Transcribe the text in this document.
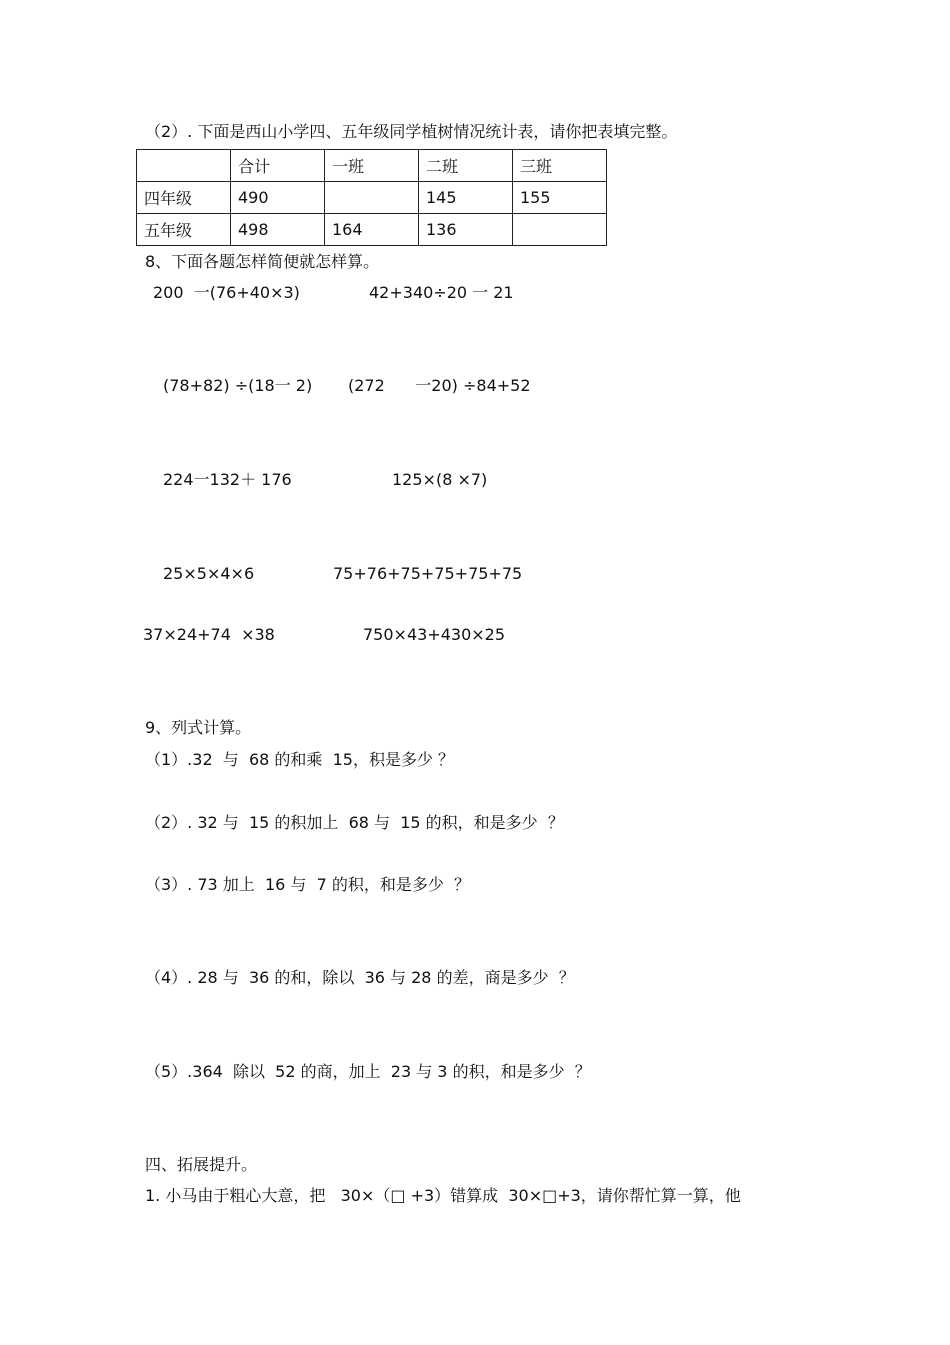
（2）. 下面是西山小学四、五年级同学植树情况统计表，请你把表填完整。
	合计	一班	二班	三班
四年级	490		145	155
五年级	498	164	136	
8、下面各题怎样简便就怎样算。
200  一(76+40×3)	42+340÷20 一 21
(78+82) ÷(18一 2) (272      一20) ÷84+52
224一132＋ 176	125×(8 ×7)
25×5×4×6	75+76+75+75+75+75
37×24+74  ×38	750×43+430×25
9、列式计算。
（1）.32  与  68 的和乘  15，积是多少 ？
（2）. 32 与  15 的积加上  68 与  15 的积，和是多少  ？
（3）. 73 加上  16 与  7 的积，和是多少  ？
（4）. 28 与  36 的和，除以  36 与 28 的差，商是多少  ？
（5）.364  除以  52 的商，加上  23 与 3 的积，和是多少  ？
四、拓展提升。
1. 小马由于粗心大意，把   30×（□ +3）错算成  30×□+3，请你帮忙算一算，他
